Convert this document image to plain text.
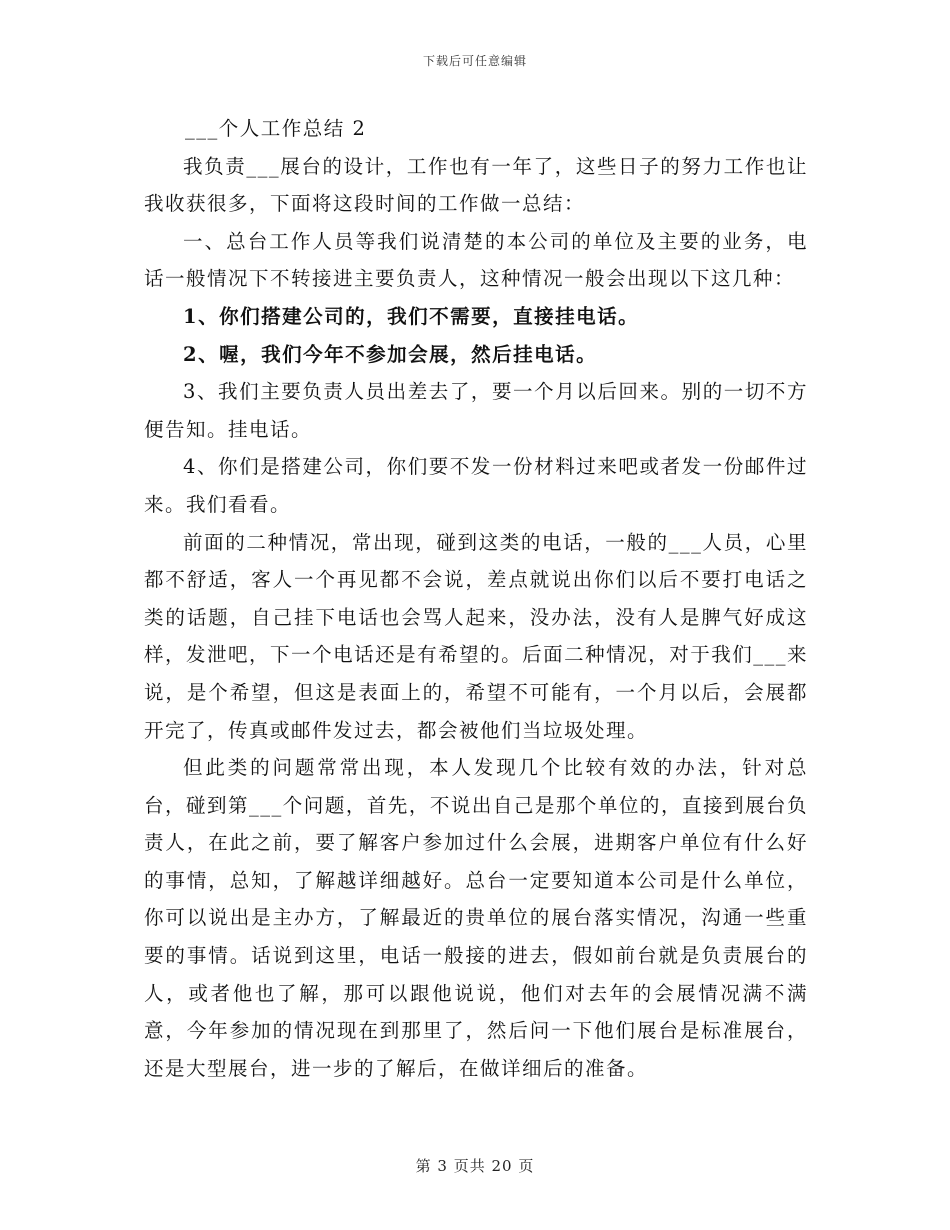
下载后可任意编辑

___个人工作总结 2

我负责___展台的设计，工作也有一年了，这些日子的努力工作也让我收获很多，下面将这段时间的工作做一总结：

一、总台工作人员等我们说清楚的本公司的单位及主要的业务，电话一般情况下不转接进主要负责人，这种情况一般会出现以下这几种：

1、你们搭建公司的，我们不需要，直接挂电话。

2、喔，我们今年不参加会展，然后挂电话。

3、我们主要负责人员出差去了，要一个月以后回来。别的一切不方便告知。挂电话。

4、你们是搭建公司，你们要不发一份材料过来吧或者发一份邮件过来。我们看看。

前面的二种情况，常出现，碰到这类的电话，一般的___人员，心里都不舒适，客人一个再见都不会说，差点就说出你们以后不要打电话之类的话题，自己挂下电话也会骂人起来，没办法，没有人是脾气好成这样，发泄吧，下一个电话还是有希望的。后面二种情况，对于我们___来说，是个希望，但这是表面上的，希望不可能有，一个月以后，会展都开完了，传真或邮件发过去，都会被他们当垃圾处理。

但此类的问题常常出现，本人发现几个比较有效的办法，针对总台，碰到第___个问题，首先，不说出自己是那个单位的，直接到展台负责人，在此之前，要了解客户参加过什么会展，进期客户单位有什么好的事情，总知，了解越详细越好。总台一定要知道本公司是什么单位，你可以说出是主办方，了解最近的贵单位的展台落实情况，沟通一些重要的事情。话说到这里，电话一般接的进去，假如前台就是负责展台的人，或者他也了解，那可以跟他说说，他们对去年的会展情况满不满意，今年参加的情况现在到那里了，然后问一下他们展台是标准展台，还是大型展台，进一步的了解后，在做详细后的准备。

第 3 页共 20 页
